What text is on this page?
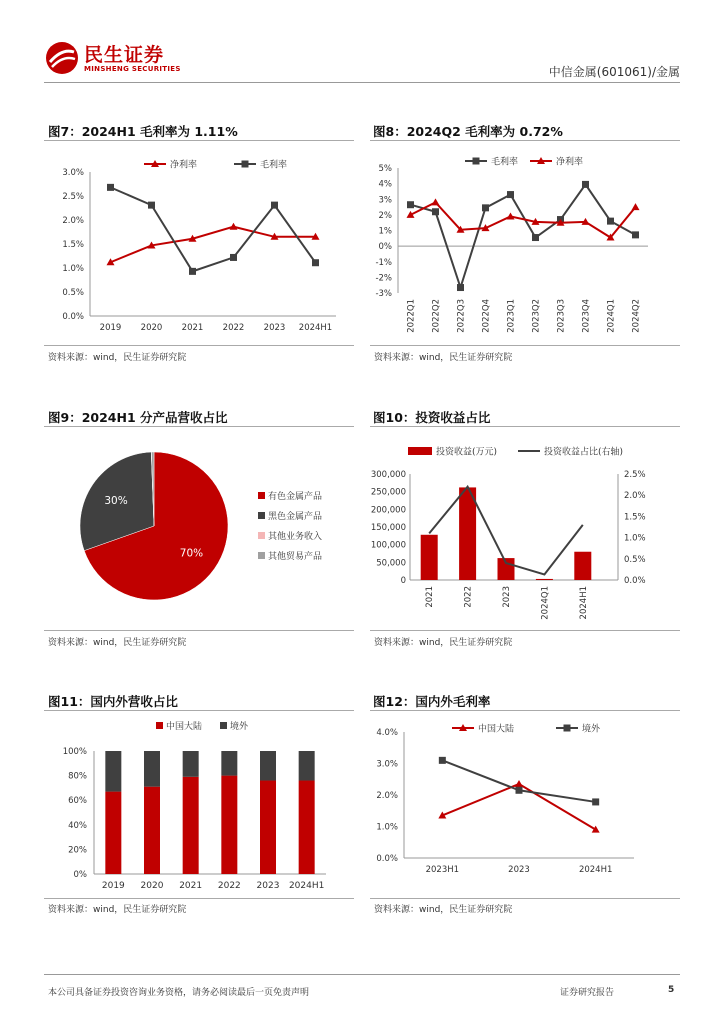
民生证券
MINSHENG SECURITIES	中信金属(601061)/金属
图7：2024H1 毛利率为 1.11%
0.0%
0.5%
1.0%
1.5%
2.0%
2.5%
3.0%
2019 2020 2021 2022 2023 2024H1
净利率	毛利率
资料来源：wind，民生证券研究院
图8：2024Q2 毛利率为 0.72%
-3%
-2%
-1%
0%
1%
2%
3%
4%
5%
2022Q1 2022Q2 2022Q3 2022Q4 2023Q1 2023Q2 2023Q3 2023Q4 2024Q1 2024Q2
毛利率	净利率
资料来源：wind，民生证券研究院
图9：2024H1 分产品营收占比
70%
30%	有色金属产品
黑色金属产品
其他业务收入
其他贸易产品
资料来源：wind，民生证券研究院
图10：投资收益占比
0
50,000
100,000
150,000
200,000
250,000
300,000
0.0%
0.5%
1.0%
1.5%
2.0%
2.5%
2021	2022	2023	2024Q1	2024H1
投资收益(万元)	投资收益占比(右轴)
资料来源：wind，民生证券研究院
图11：国内外营收占比
0%
20%
40%
60%
80%
100%
2019 2020 2021 2022 2023 2024H1
中国大陆	境外
资料来源：wind，民生证券研究院
图12：国内外毛利率
0.0%
1.0%
2.0%
3.0%
4.0%
2023H1	2023	2024H1
中国大陆	境外
资料来源：wind，民生证券研究院
本公司具备证券投资咨询业务资格，请务必阅读最后一页免责声明	证券研究报告	5
